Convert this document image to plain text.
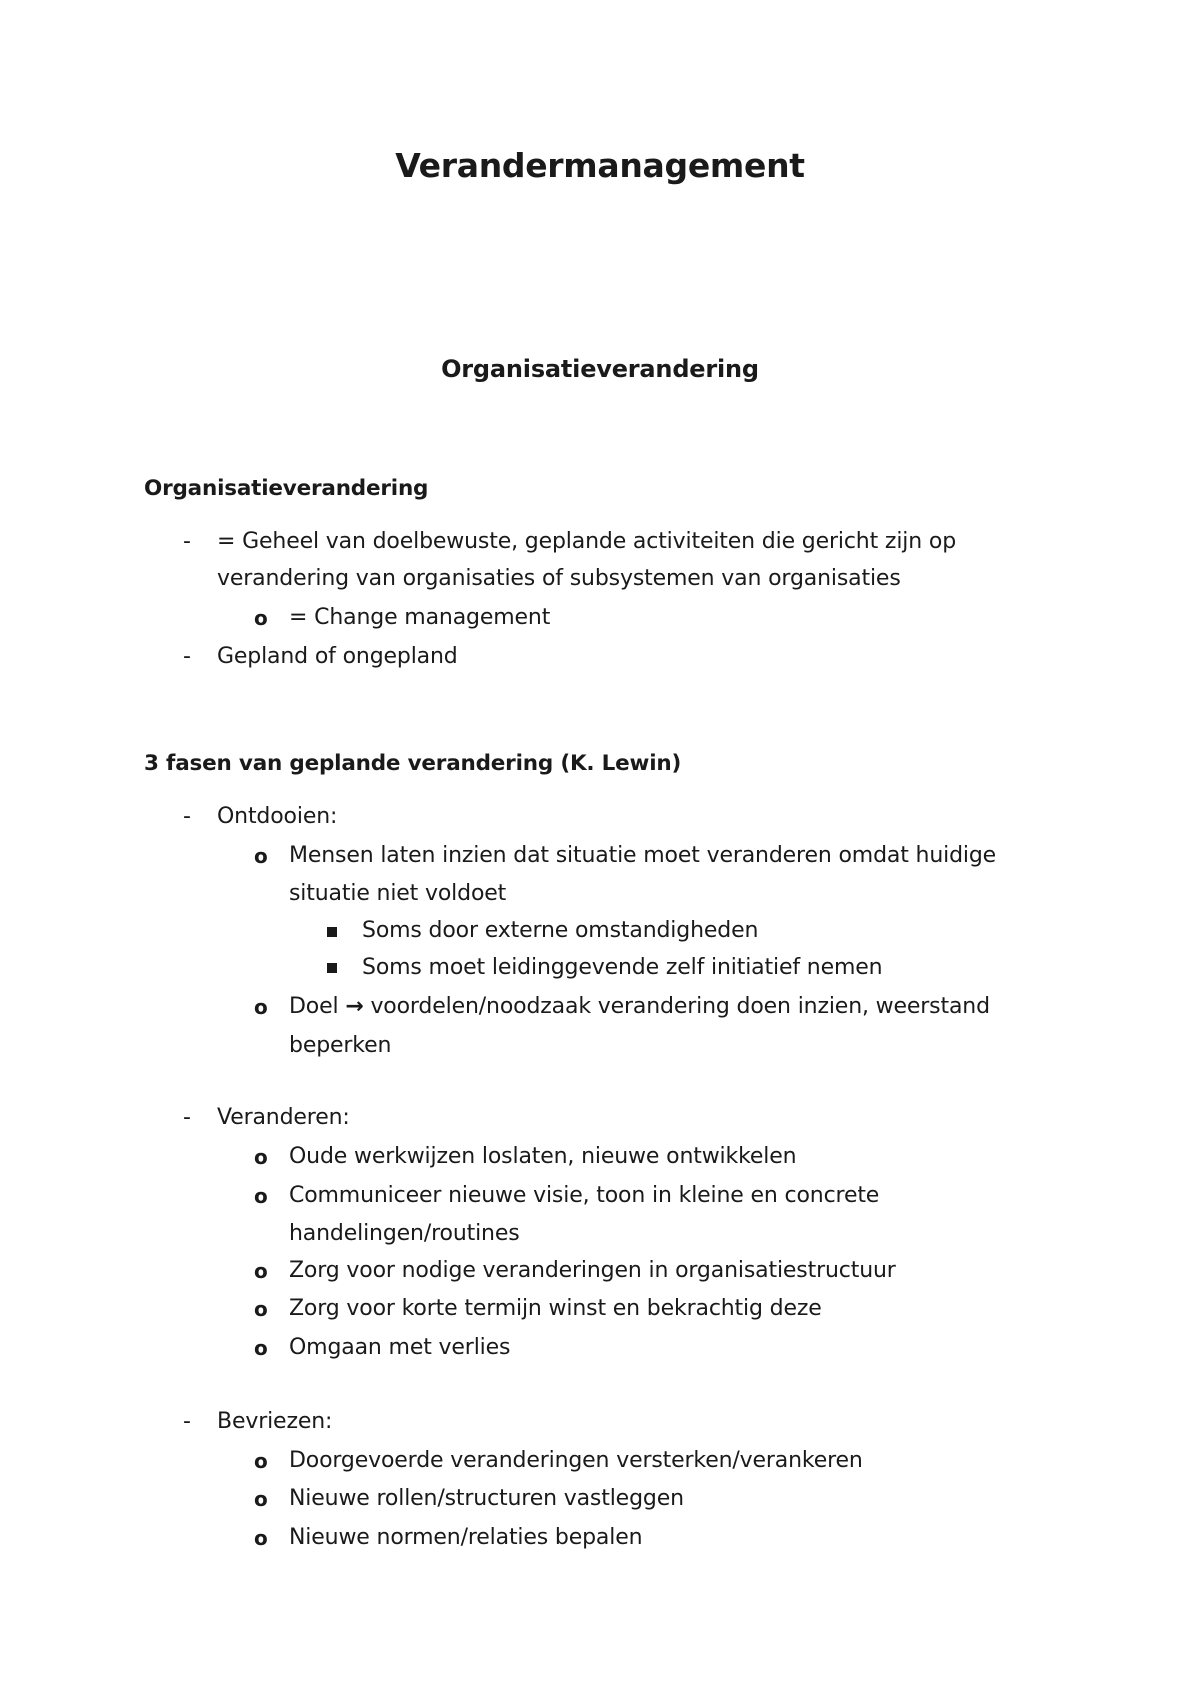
Verandermanagement
Organisatieverandering
Organisatieverandering
- = Geheel van doelbewuste, geplande activiteiten die gericht zijn op
verandering van organisaties of subsystemen van organisaties
o = Change management
- Gepland of ongepland
3 fasen van geplande verandering (K. Lewin)
- Ontdooien:
o Mensen laten inzien dat situatie moet veranderen omdat huidige
situatie niet voldoet
Soms door externe omstandigheden
Soms moet leidinggevende zelf initiatief nemen
o Doel → voordelen/noodzaak verandering doen inzien, weerstand
beperken
- Veranderen:
o Oude werkwijzen loslaten, nieuwe ontwikkelen
o Communiceer nieuwe visie, toon in kleine en concrete
handelingen/routines
o Zorg voor nodige veranderingen in organisatiestructuur
o Zorg voor korte termijn winst en bekrachtig deze
o Omgaan met verlies
- Bevriezen:
o Doorgevoerde veranderingen versterken/verankeren
o Nieuwe rollen/structuren vastleggen
o Nieuwe normen/relaties bepalen
